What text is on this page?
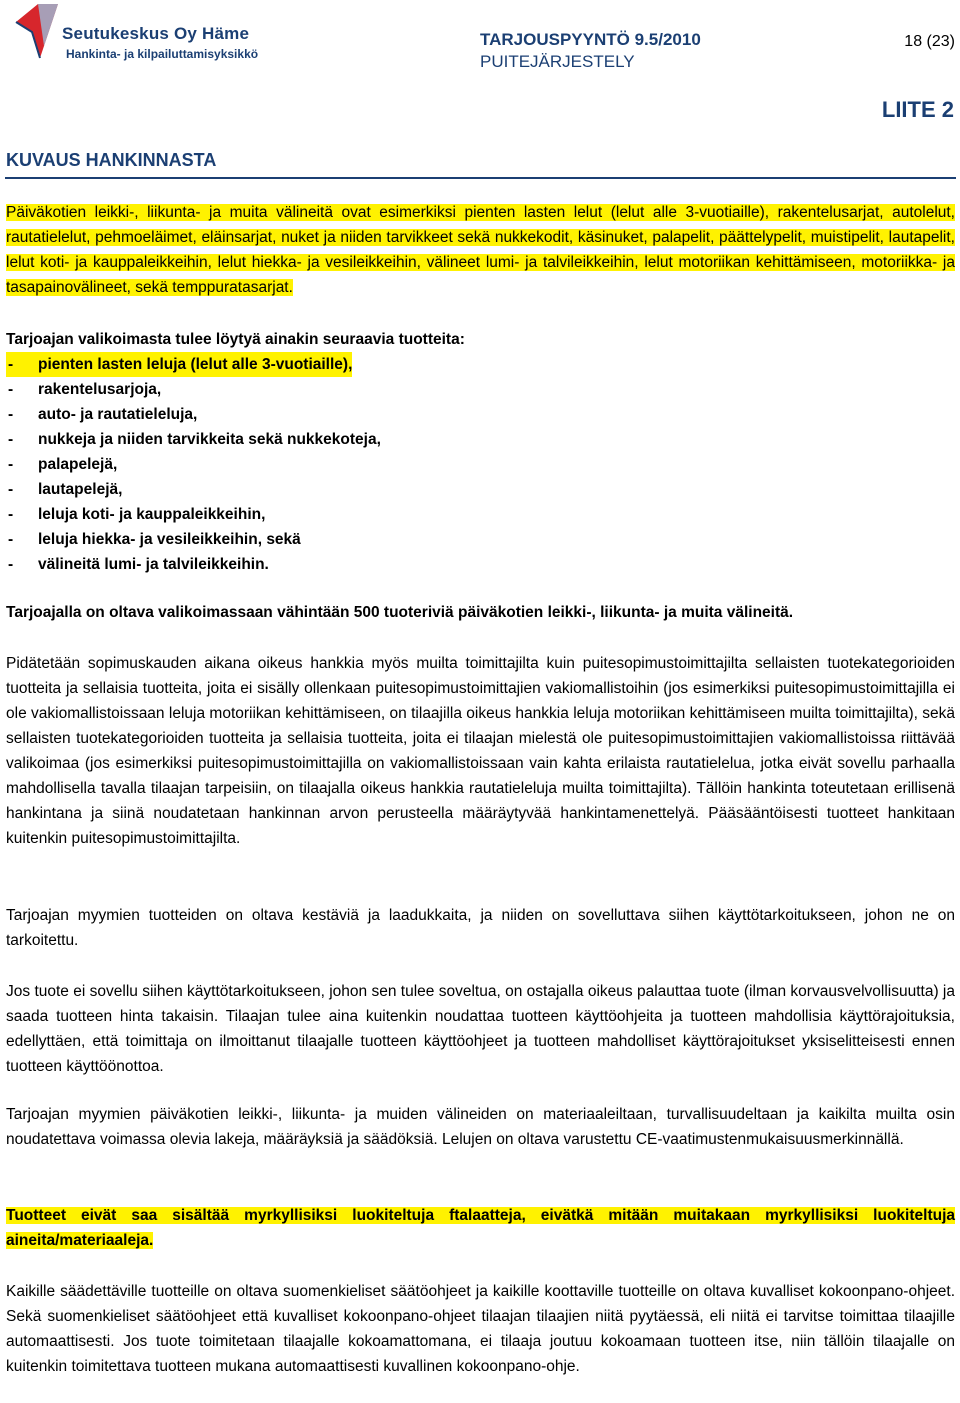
Seutukeskus Oy Häme
Hankinta- ja kilpailuttamisyksikkö
TARJOUSPYYNTÖ 9.5/2010
PUITEJÄRJESTELY
18 (23)
LIITE 2
KUVAUS HANKINNASTA

Päiväkotien leikki-, liikunta- ja muita välineitä ovat esimerkiksi pienten lasten lelut (lelut alle 3-vuotiaille), rakentelusarjat, autolelut, rautatielelut, pehmoeläimet, eläinsarjat, nuket ja niiden tarvikkeet sekä nukkekodit, käsinuket, palapelit, päättelypelit, muistipelit, lautapelit, lelut koti- ja kauppaleikkeihin, lelut hiekka- ja vesileikkeihin, välineet lumi- ja talvileikkeihin, lelut motoriikan kehittämiseen, motoriikka- ja tasapainovälineet, sekä temppuratasarjat.

Tarjoajan valikoimasta tulee löytyä ainakin seuraavia tuotteita:

-	pienten lasten leluja (lelut alle 3-vuotiaille),
-	rakentelusarjoja,
-	auto- ja rautatieleluja,
-	nukkeja ja niiden tarvikkeita sekä nukkekoteja,
-	palapelejä,
-	lautapelejä,
-	leluja koti- ja kauppaleikkeihin,
-	leluja hiekka- ja vesileikkeihin, sekä
-	välineitä lumi- ja talvileikkeihin.

Tarjoajalla on oltava valikoimassaan vähintään 500 tuoteriviä päiväkotien leikki-, liikunta- ja muita välineitä.

Pidätetään sopimuskauden aikana oikeus hankkia myös muilta toimittajilta kuin puitesopimustoimittajilta sellaisten tuotekategorioiden tuotteita ja sellaisia tuotteita, joita ei sisälly ollenkaan puitesopimustoimittajien vakiomallistoihin (jos esimerkiksi puitesopimustoimittajilla ei ole vakiomallistoissaan leluja motoriikan kehittämiseen, on tilaajilla oikeus hankkia leluja motoriikan kehittämiseen muilta toimittajilta), sekä sellaisten tuotekategorioiden tuotteita ja sellaisia tuotteita, joita ei tilaajan mielestä ole puitesopimustoimittajien vakiomallistoissa riittävää valikoimaa (jos esimerkiksi puitesopimustoimittajilla on vakiomallistoissaan vain kahta erilaista rautatielelua, jotka eivät sovellu parhaalla mahdollisella tavalla tilaajan tarpeisiin, on tilaajalla oikeus hankkia rautatieleluja muilta toimittajilta). Tällöin hankinta toteutetaan erillisenä hankintana ja siinä noudatetaan hankinnan arvon perusteella määräytyvää hankintamenettelyä. Pääsääntöisesti tuotteet hankitaan kuitenkin puitesopimustoimittajilta.

Tarjoajan myymien tuotteiden on oltava kestäviä ja laadukkaita, ja niiden on sovelluttava siihen käyttötarkoitukseen, johon ne on tarkoitettu.

Jos tuote ei sovellu siihen käyttötarkoitukseen, johon sen tulee soveltua, on ostajalla oikeus palauttaa tuote (ilman korvausvelvollisuutta) ja saada tuotteen hinta takaisin. Tilaajan tulee aina kuitenkin noudattaa tuotteen käyttöohjeita ja tuotteen mahdollisia käyttörajoituksia, edellyttäen, että toimittaja on ilmoittanut tilaajalle tuotteen käyttöohjeet ja tuotteen mahdolliset käyttörajoitukset yksiselitteisesti ennen tuotteen käyttöönottoa.

Tarjoajan myymien päiväkotien leikki-, liikunta- ja muiden välineiden on materiaaleiltaan, turvallisuudeltaan ja kaikilta muilta osin noudatettava voimassa olevia lakeja, määräyksiä ja säädöksiä. Lelujen on oltava varustettu CE-vaatimustenmukaisuusmerkinnällä.

Tuotteet eivät saa sisältää myrkyllisiksi luokiteltuja ftalaatteja, eivätkä mitään muitakaan myrkyllisiksi luokiteltuja aineita/materiaaleja.

Kaikille säädettäville tuotteille on oltava suomenkieliset säätöohjeet ja kaikille koottaville tuotteille on oltava kuvalliset kokoonpano-ohjeet. Sekä suomenkieliset säätöohjeet että kuvalliset kokoonpano-ohjeet tilaajan tilaajien niitä pyytäessä, eli niitä ei tarvitse toimittaa tilaajille automaattisesti. Jos tuote toimitetaan tilaajalle kokoamattomana, ei tilaaja joutuu kokoamaan tuotteen itse, niin tällöin tilaajalle on kuitenkin toimitettava tuotteen mukana automaattisesti kuvallinen kokoonpano-ohje.
